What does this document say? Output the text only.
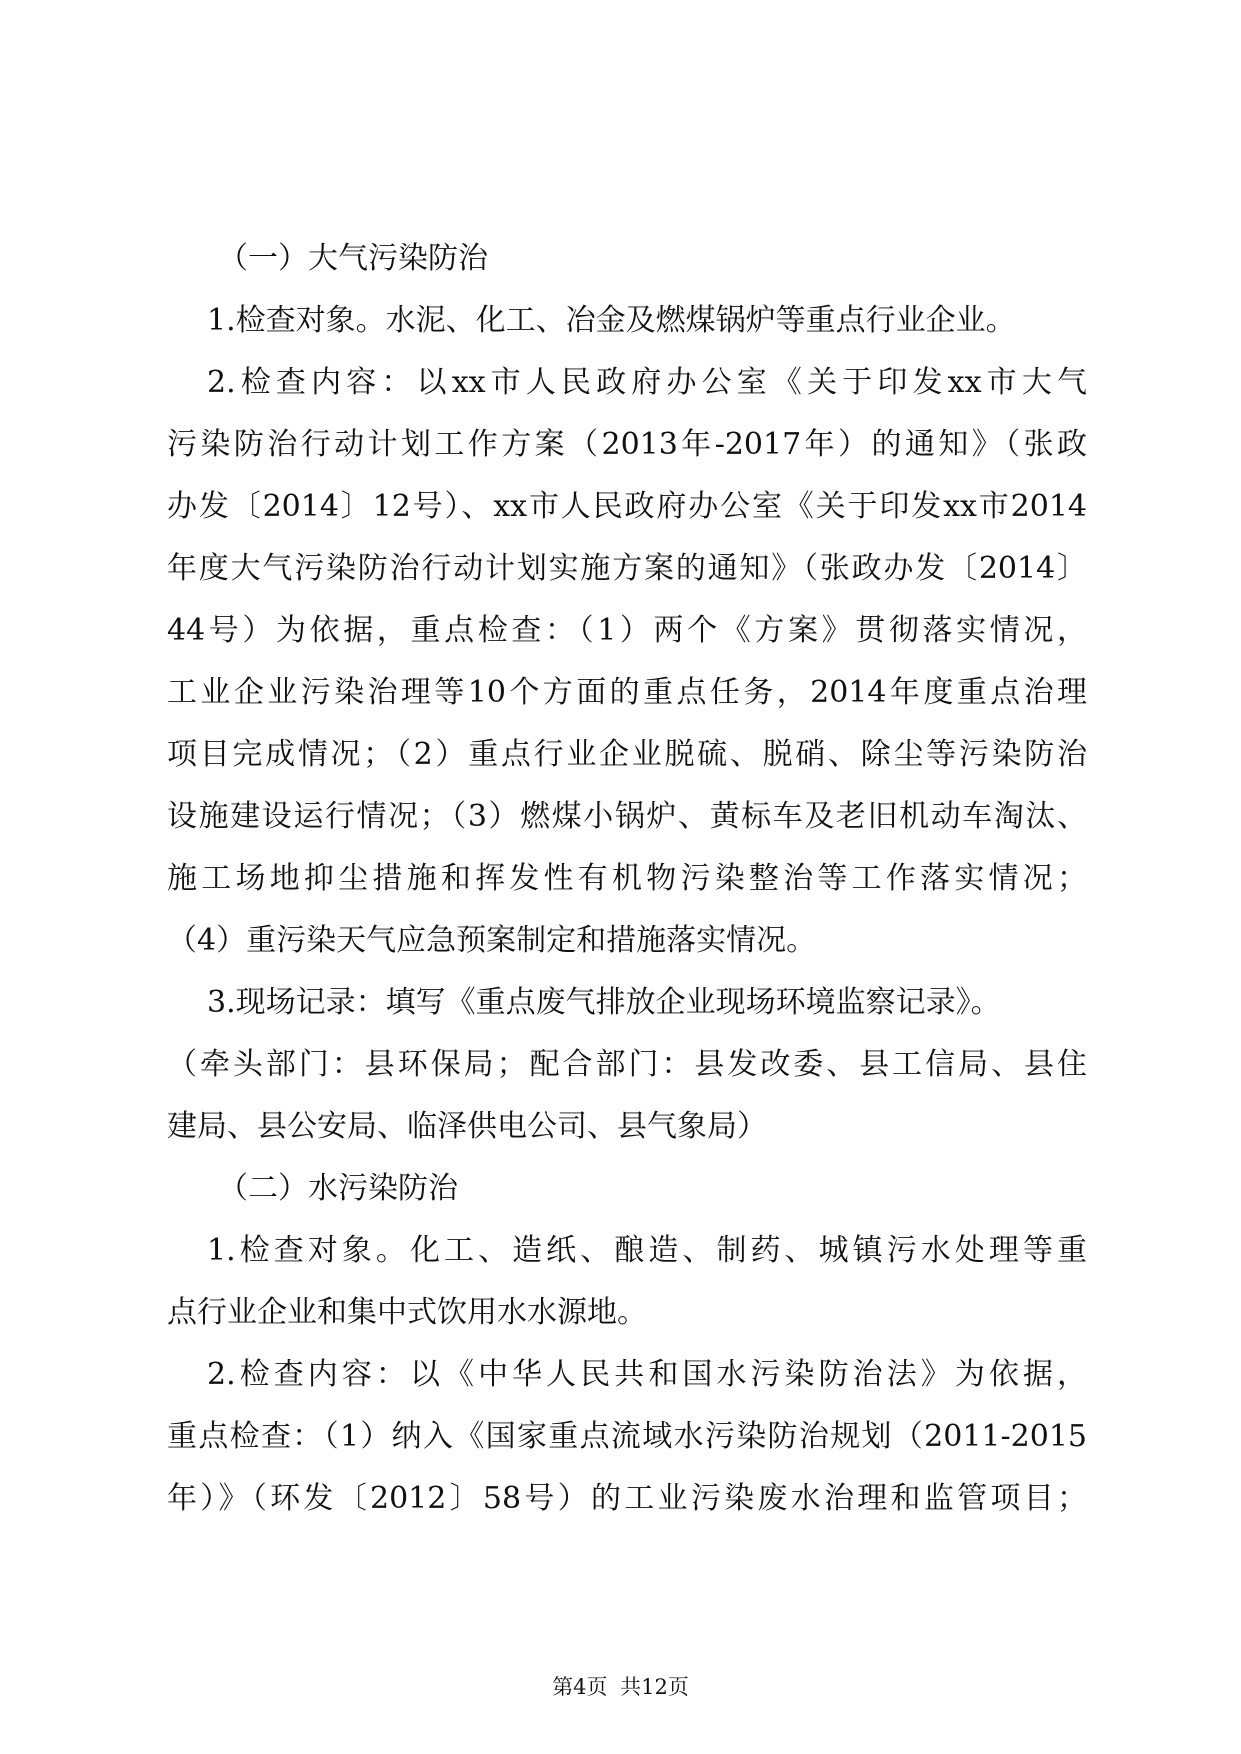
（一）大气污染防治

1.检查对象。水泥、化工、冶金及燃煤锅炉等重点行业企业。

2.检查内容：以xx市人民政府办公室《关于印发xx市大气

污染防治行动计划工作方案（2013年-2017年）的通知》（张政

办发〔2014〕12号）、xx市人民政府办公室《关于印发xx市2014

年度大气污染防治行动计划实施方案的通知》（张政办发〔2014〕

44号）为依据，重点检查：（1）两个《方案》贯彻落实情况，

工业企业污染治理等10个方面的重点任务，2014年度重点治理

项目完成情况；（2）重点行业企业脱硫、脱硝、除尘等污染防治

设施建设运行情况；（3）燃煤小锅炉、黄标车及老旧机动车淘汰、

施工场地抑尘措施和挥发性有机物污染整治等工作落实情况；

（4）重污染天气应急预案制定和措施落实情况。

3.现场记录：填写《重点废气排放企业现场环境监察记录》。

（牵头部门：县环保局；配合部门：县发改委、县工信局、县住

建局、县公安局、临泽供电公司、县气象局）

（二）水污染防治

1.检查对象。化工、造纸、酿造、制药、城镇污水处理等重

点行业企业和集中式饮用水水源地。

2.检查内容：以《中华人民共和国水污染防治法》为依据，

重点检查：（1）纳入《国家重点流域水污染防治规划（2011-2015

年）》（环发〔2012〕58号）的工业污染废水治理和监管项目；

第4页 共12页
